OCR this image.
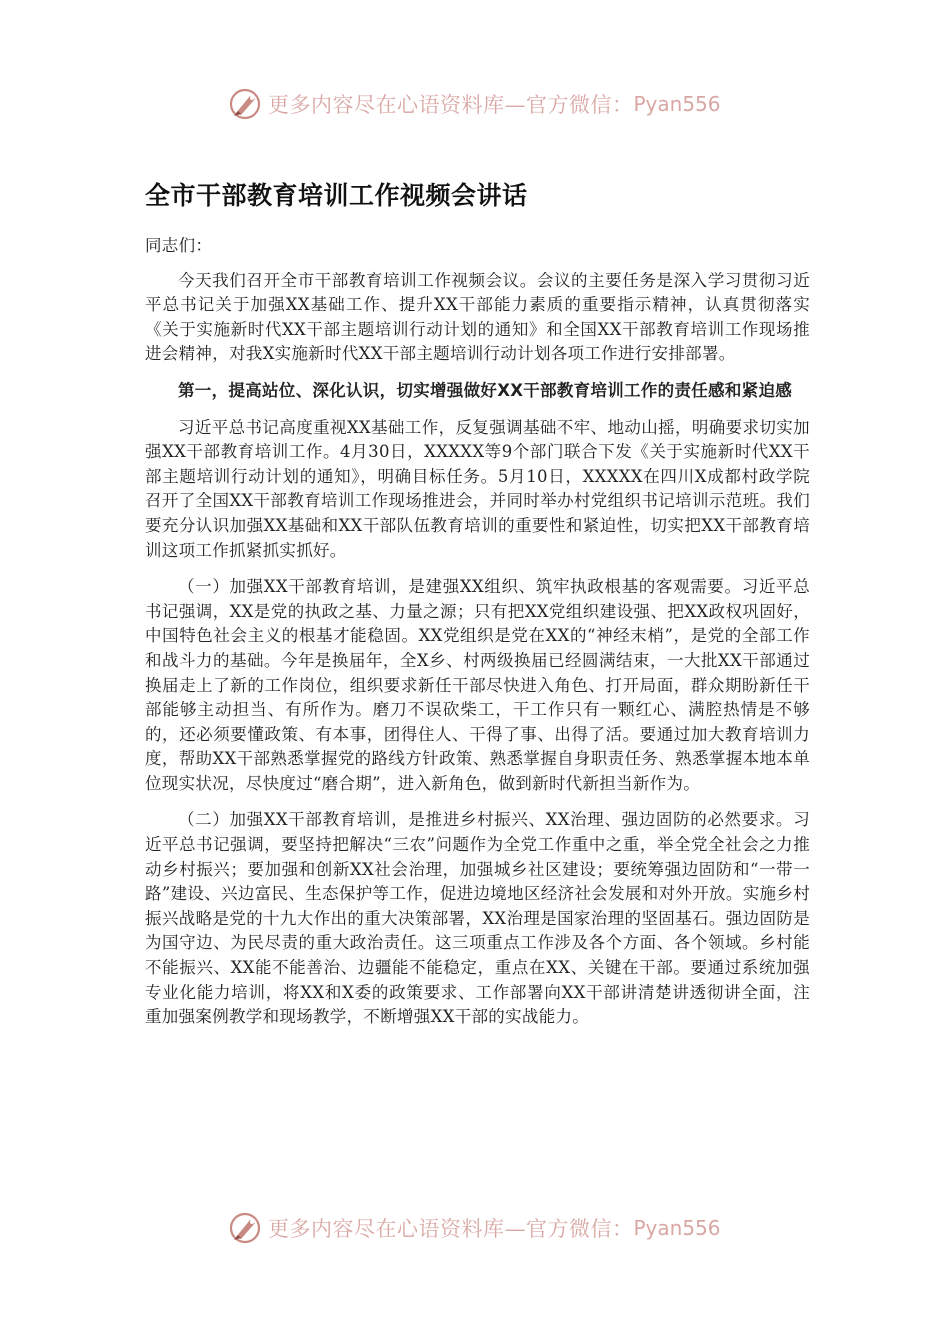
更多内容尽在心语资料库—官方微信： Pyan556
全市干部教育培训工作视频会讲话

同志们：

今天我们召开全市干部教育培训工作视频会议。会议的主要任务是深入学习贯彻习近平总书记关于加强XX基础工作、提升XX干部能力素质的重要指示精神，认真贯彻落实《关于实施新时代XX干部主题培训行动计划的通知》和全国XX干部教育培训工作现场推进会精神，对我X实施新时代XX干部主题培训行动计划各项工作进行安排部署。

第一，提高站位、深化认识，切实增强做好XX干部教育培训工作的责任感和紧迫感

习近平总书记高度重视XX基础工作，反复强调基础不牢、地动山摇，明确要求切实加强XX干部教育培训工作。4月30日，XXXXX等9个部门联合下发《关于实施新时代XX干部主题培训行动计划的通知》，明确目标任务。5月10日，XXXXX在四川X成都村政学院召开了全国XX干部教育培训工作现场推进会，并同时举办村党组织书记培训示范班。我们要充分认识加强XX基础和XX干部队伍教育培训的重要性和紧迫性，切实把XX干部教育培训这项工作抓紧抓实抓好。

（一）加强XX干部教育培训，是建强XX组织、筑牢执政根基的客观需要。习近平总书记强调，XX是党的执政之基、力量之源；只有把XX党组织建设强、把XX政权巩固好，中国特色社会主义的根基才能稳固。XX党组织是党在XX的“神经末梢”，是党的全部工作和战斗力的基础。今年是换届年，全X乡、村两级换届已经圆满结束，一大批XX干部通过换届走上了新的工作岗位，组织要求新任干部尽快进入角色、打开局面，群众期盼新任干部能够主动担当、有所作为。磨刀不误砍柴工，干工作只有一颗红心、满腔热情是不够的，还必须要懂政策、有本事，团得住人、干得了事、出得了活。要通过加大教育培训力度，帮助XX干部熟悉掌握党的路线方针政策、熟悉掌握自身职责任务、熟悉掌握本地本单位现实状况，尽快度过“磨合期”，进入新角色，做到新时代新担当新作为。

（二）加强XX干部教育培训，是推进乡村振兴、XX治理、强边固防的必然要求。习近平总书记强调，要坚持把解决“三农”问题作为全党工作重中之重，举全党全社会之力推动乡村振兴；要加强和创新XX社会治理，加强城乡社区建设；要统筹强边固防和“一带一路”建设、兴边富民、生态保护等工作，促进边境地区经济社会发展和对外开放。实施乡村振兴战略是党的十九大作出的重大决策部署，XX治理是国家治理的坚固基石。强边固防是为国守边、为民尽责的重大政治责任。这三项重点工作涉及各个方面、各个领域。乡村能不能振兴、XX能不能善治、边疆能不能稳定，重点在XX、关键在干部。要通过系统加强专业化能力培训，将XX和X委的政策要求、工作部署向XX干部讲清楚讲透彻讲全面，注重加强案例教学和现场教学，不断增强XX干部的实战能力。

更多内容尽在心语资料库—官方微信： Pyan556
